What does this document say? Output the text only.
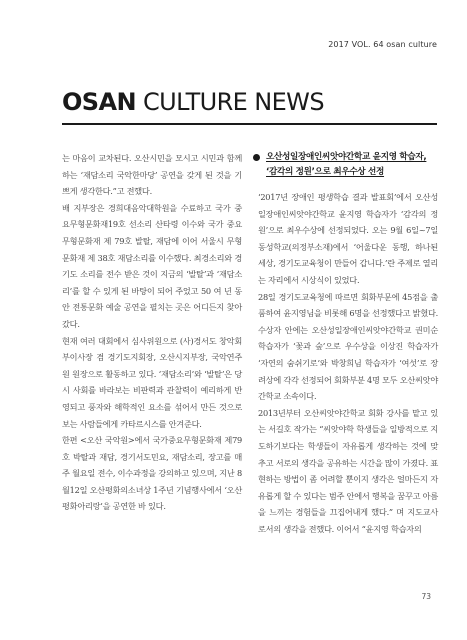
2017 VOL. 64 osan culture
OSAN CULTURE NEWS

는 마음이 교차된다. 오산시민을 모시고 시민과 함께하는 ‘재담소리 국악한마당’ 공연을 갖게 된 것을 기쁘게 생각한다.”고 전했다.

배 지부장은 경희대음악대학원을 수료하고 국가 중요무형문화재19호 선소리 산타령 이수와 국가 중요무형문화재 제 79호 발탈, 재담에 이어 서울시 무형문화재 제 38호 재담소리를 이수했다. 최경소리와 경기도 소리를 전수 받은 것이 지금의 ‘발탈’과 ‘재담소리’를 할 수 있게 된 바탕이 되어 주었고 50 여 년 동안 전통문화 예술 공연을 펼치는 곳은 어디든지 찾아갔다.

현재 여러 대회에서 심사위원으로 (사)경서도 창악회 부이사장 겸 경기도지회장, 오산시지부장, 국악연주원 원장으로 활동하고 있다. ‘재담소리’와 ‘발탈’은 당시 사회를 바라보는 비판력과 관찰력이 예리하게 반영되고 풍자와 해학적인 요소를 섞어서 만든 것으로 보는 사람들에게 카타르시스를 안겨준다.

한편 <오산 국악원>에서 국가중요무형문화재 제79호 박탈과 재담, 경기서도민요, 재담소리, 장고를 매주 월요일 전수, 이수과정을 강의하고 있으며, 지난 8월12일 오산평화의소녀상 1주년 기념행사에서 ‘오산평화아리랑’을 공연한 바 있다.

오산성일장애인씨앗야간학교 윤지영 학습자,
‘감각의 정원’으로 최우수상 선정

‘2017년 장애인 평생학습 결과 발표회’에서 오산성일장애인씨앗야간학교 윤지영 학습자가 ‘감각의 정원’으로 최우수상에 선정되었다. 오는 9월 6일~7일 동성학교(의정부소재)에서 ‘어울다운 동행, 하나된 세상, 경기도교육청이 만들어 갑니다.’란 주제로 열리는 자리에서 시상식이 있었다.

28일 경기도교육청에 따르면 회화부문에 45점을 출품하여 윤지영님을 비롯해 6명을 선정했다고 밝혔다. 수상자 안에는 오산성일장애인씨앗야간학교 권미순 학습자가 ‘꽃과 숲’으로 우수상을 이상진 학습자가 ‘자연의 숨쉬기로’와 박창희님 학습자가 ‘여섯’로 장려상에 각각 선정되어 회화부분 4명 모두 오산씨앗야간학교 소속이다.

2013년부터 오산씨앗야간학교 회화 강사를 맡고 있는 서길호 작가는 “씨앗야학 학생들을 일방적으로 지도하기보다는 학생들이 자유롭게 생각하는 것에 맞추고 서로의 생각을 공유하는 시간을 많이 가졌다. 표현하는 방법이 좀 어려할 뿐이지 생각은 얼마든지 자유롭게 할 수 있다는 범주 안에서 행복을 꿈꾸고 아름을 느끼는 경험들을 끄집어내게 했다.” 며 지도교사로서의 생각을 전했다. 이어서 “윤지영 학습자의

73
